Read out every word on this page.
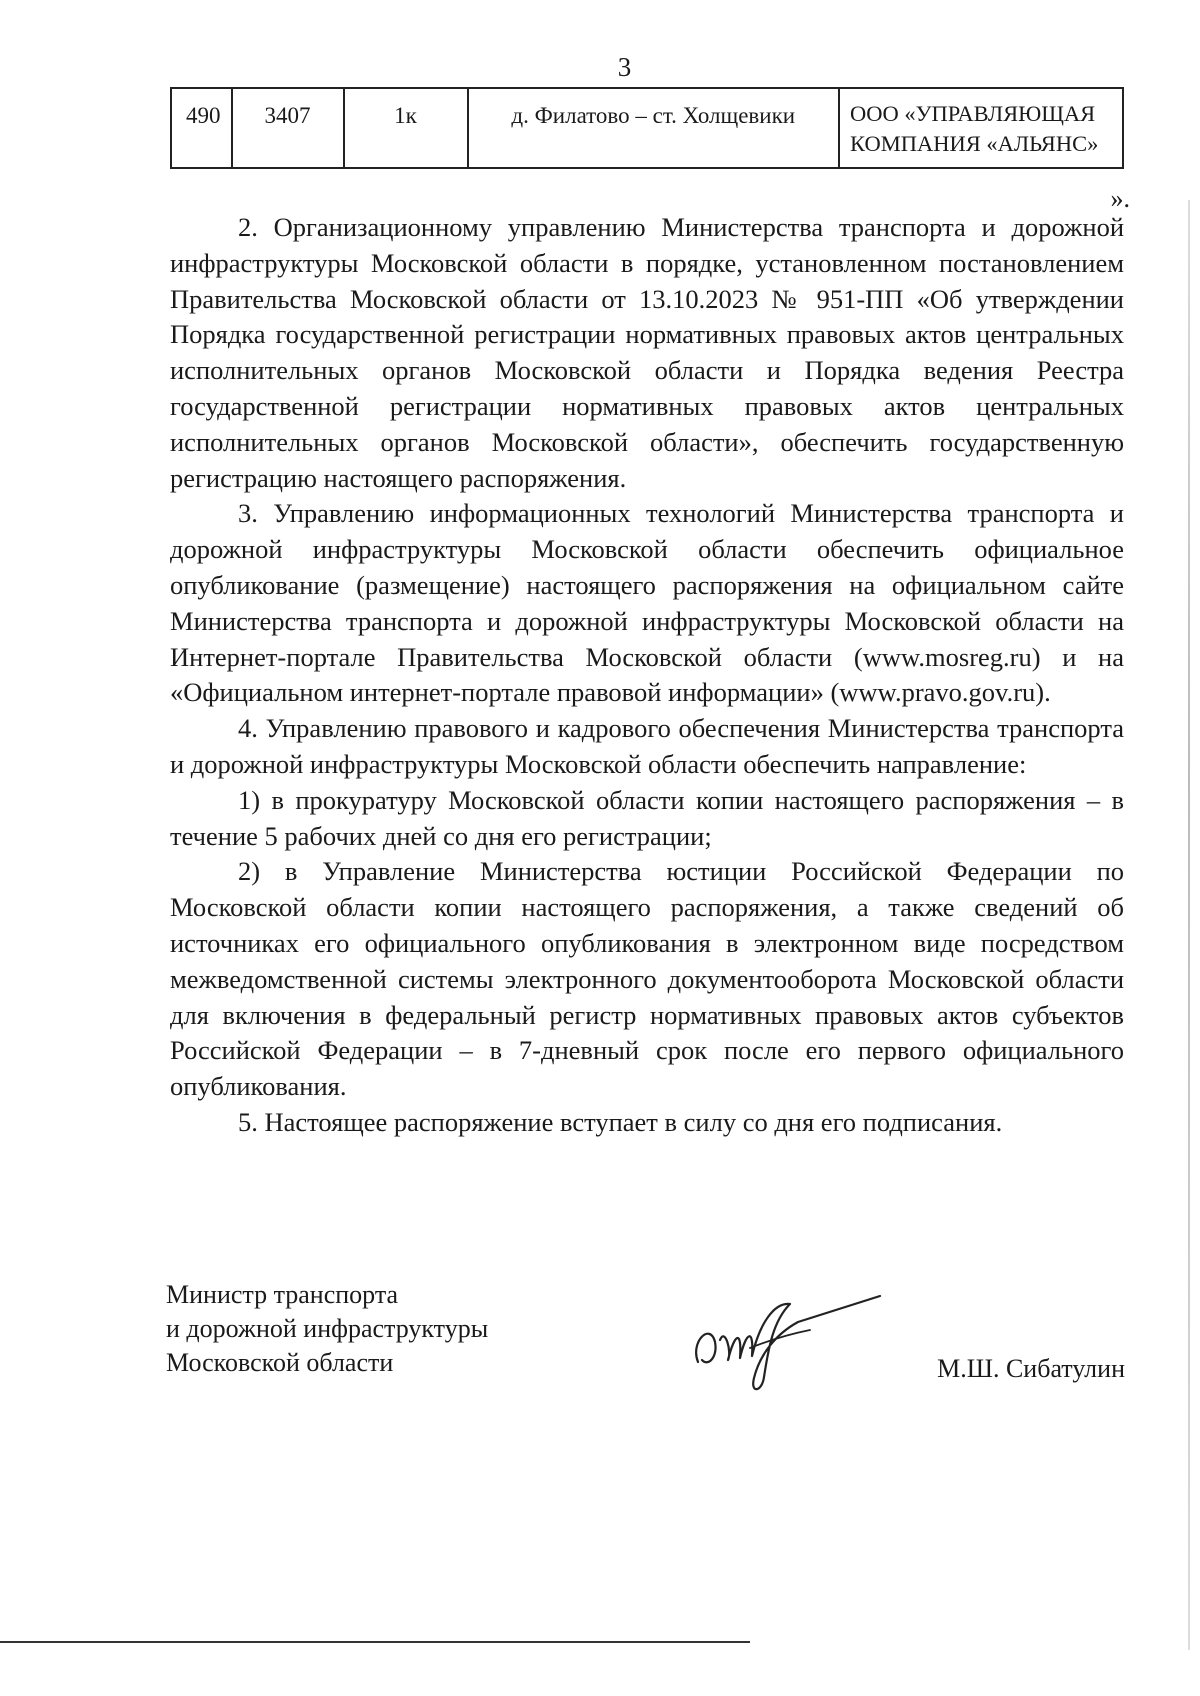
3
490	3407	1к	д. Филатово – ст. Холщевики	ООО «УПРАВЛЯЮЩАЯ
КОМПАНИЯ «АЛЬЯНС»
».

2. Организационному управлению Министерства транспорта и дорожной инфраструктуры Московской области в порядке, установленном постановлением Правительства Московской области от 13.10.2023 № 951-ПП «Об утверждении Порядка государственной регистрации нормативных правовых актов центральных исполнительных органов Московской области и Порядка ведения Реестра государственной регистрации нормативных правовых актов центральных исполнительных органов Московской области», обеспечить государственную регистрацию настоящего распоряжения.

3. Управлению информационных технологий Министерства транспорта и дорожной инфраструктуры Московской области обеспечить официальное опубликование (размещение) настоящего распоряжения на официальном сайте Министерства транспорта и дорожной инфраструктуры Московской области на Интернет-портале Правительства Московской области (www.mosreg.ru) и на «Официальном интернет-портале правовой информации» (www.pravo.gov.ru).

4. Управлению правового и кадрового обеспечения Министерства транспорта и дорожной инфраструктуры Московской области обеспечить направление:

1) в прокуратуру Московской области копии настоящего распоряжения – в течение 5 рабочих дней со дня его регистрации;

2) в Управление Министерства юстиции Российской Федерации по Московской области копии настоящего распоряжения, а также сведений об источниках его официального опубликования в электронном виде посредством межведомственной системы электронного документооборота Московской области для включения в федеральный регистр нормативных правовых актов субъектов Российской Федерации – в 7-дневный срок после его первого официального опубликования.

5. Настоящее распоряжение вступает в силу со дня его подписания.

Министр транспорта
и дорожной инфраструктуры
Московской области	М.Ш. Сибатулин
